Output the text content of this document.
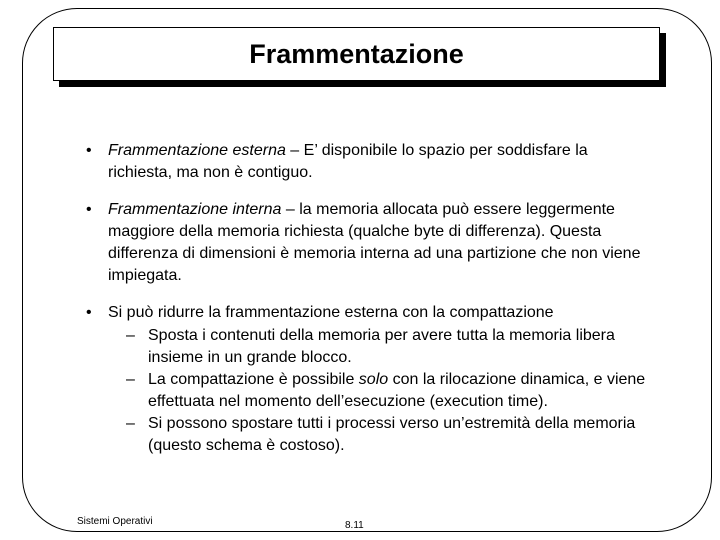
Frammentazione
• Frammentazione esterna – E’ disponibile lo spazio per soddisfare la richiesta, ma non è contiguo.
• Frammentazione interna – la memoria allocata può essere leggermente maggiore della memoria richiesta (qualche byte di differenza). Questa differenza di dimensioni è memoria interna ad una partizione che non viene impiegata.
• Si può ridurre la frammentazione esterna con la compattazione
– Sposta i contenuti della memoria per avere tutta la memoria libera insieme in un grande blocco.
– La compattazione è possibile solo con la rilocazione dinamica, e viene effettuata nel momento dell’esecuzione (execution time).
– Si possono spostare tutti i processi verso un’estremità della memoria (questo schema è costoso).
Sistemi Operativi	8.11
